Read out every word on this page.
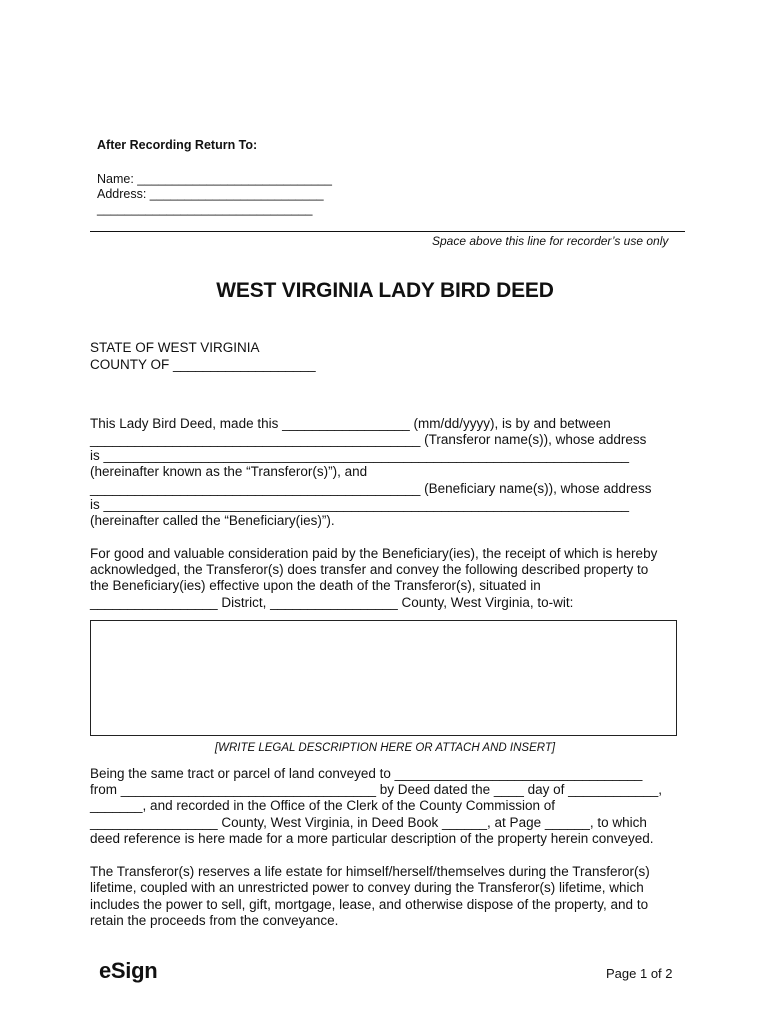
After Recording Return To:
Name: ____________________________
Address: _________________________
_______________________________
Space above this line for recorder’s use only
WEST VIRGINIA LADY BIRD DEED
STATE OF WEST VIRGINIA
COUNTY OF ___________________
This Lady Bird Deed, made this _________________ (mm/dd/yyyy), is by and between
____________________________________________ (Transferor name(s)), whose address
is ______________________________________________________________________
(hereinafter known as the “Transferor(s)”), and
____________________________________________ (Beneficiary name(s)), whose address
is ______________________________________________________________________
(hereinafter called the “Beneficiary(ies)”).
For good and valuable consideration paid by the Beneficiary(ies), the receipt of which is hereby
acknowledged, the Transferor(s) does transfer and convey the following described property to
the Beneficiary(ies) effective upon the death of the Transferor(s), situated in
_________________ District, _________________ County, West Virginia, to-wit:
[WRITE LEGAL DESCRIPTION HERE OR ATTACH AND INSERT]
Being the same tract or parcel of land conveyed to _________________________________
from __________________________________ by Deed dated the ____ day of ____________,
_______, and recorded in the Office of the Clerk of the County Commission of
_________________ County, West Virginia, in Deed Book ______, at Page ______, to which
deed reference is here made for a more particular description of the property herein conveyed.
The Transferor(s) reserves a life estate for himself/herself/themselves during the Transferor(s)
lifetime, coupled with an unrestricted power to convey during the Transferor(s) lifetime, which
includes the power to sell, gift, mortgage, lease, and otherwise dispose of the property, and to
retain the proceeds from the conveyance.
eSign	Page 1 of 2
